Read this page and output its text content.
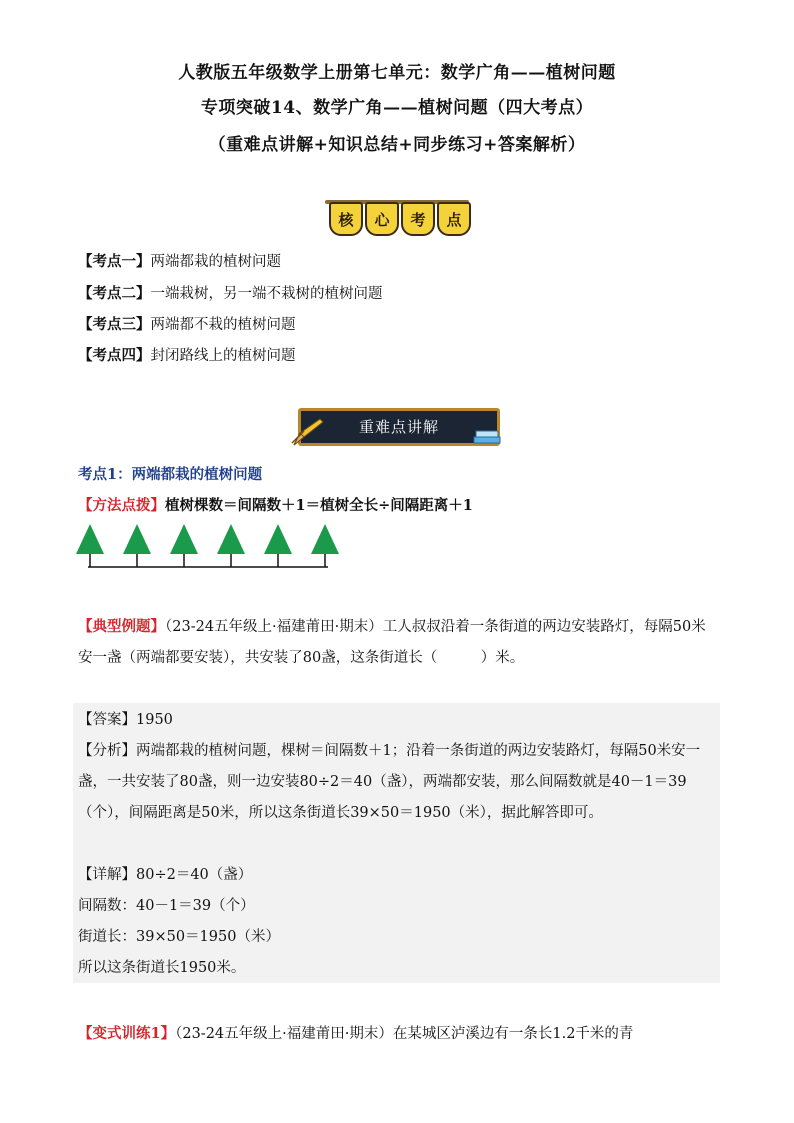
人教版五年级数学上册第七单元：数学广角——植树问题
专项突破14、数学广角——植树问题（四大考点）
（重难点讲解+知识总结+同步练习+答案解析）
核	心	考	点
【考点一】两端都栽的植树问题
【考点二】一端栽树，另一端不栽树的植树问题
【考点三】两端都不栽的植树问题
【考点四】封闭路线上的植树问题
重难点讲解
考点1：两端都栽的植树问题
【方法点拨】植树棵数＝间隔数＋1＝植树全长÷间隔距离＋1
【典型例题】（23-24五年级上·福建莆田·期末）工人叔叔沿着一条街道的两边安装路灯，每隔50米安一盏（两端都要安装），共安装了80盏，这条街道长（　　　）米。
【答案】1950
【分析】两端都栽的植树问题，棵树＝间隔数＋1；沿着一条街道的两边安装路灯，每隔50米安一盏，一共安装了80盏，则一边安装80÷2＝40（盏），两端都安装，那么间隔数就是40－1＝39（个），间隔距离是50米，所以这条街道长39×50＝1950（米），据此解答即可。
【详解】80÷2＝40（盏）
间隔数：40－1＝39（个）
街道长：39×50＝1950（米）
所以这条街道长1950米。
【变式训练1】（23-24五年级上·福建莆田·期末）在某城区泸溪边有一条长1.2千米的青
